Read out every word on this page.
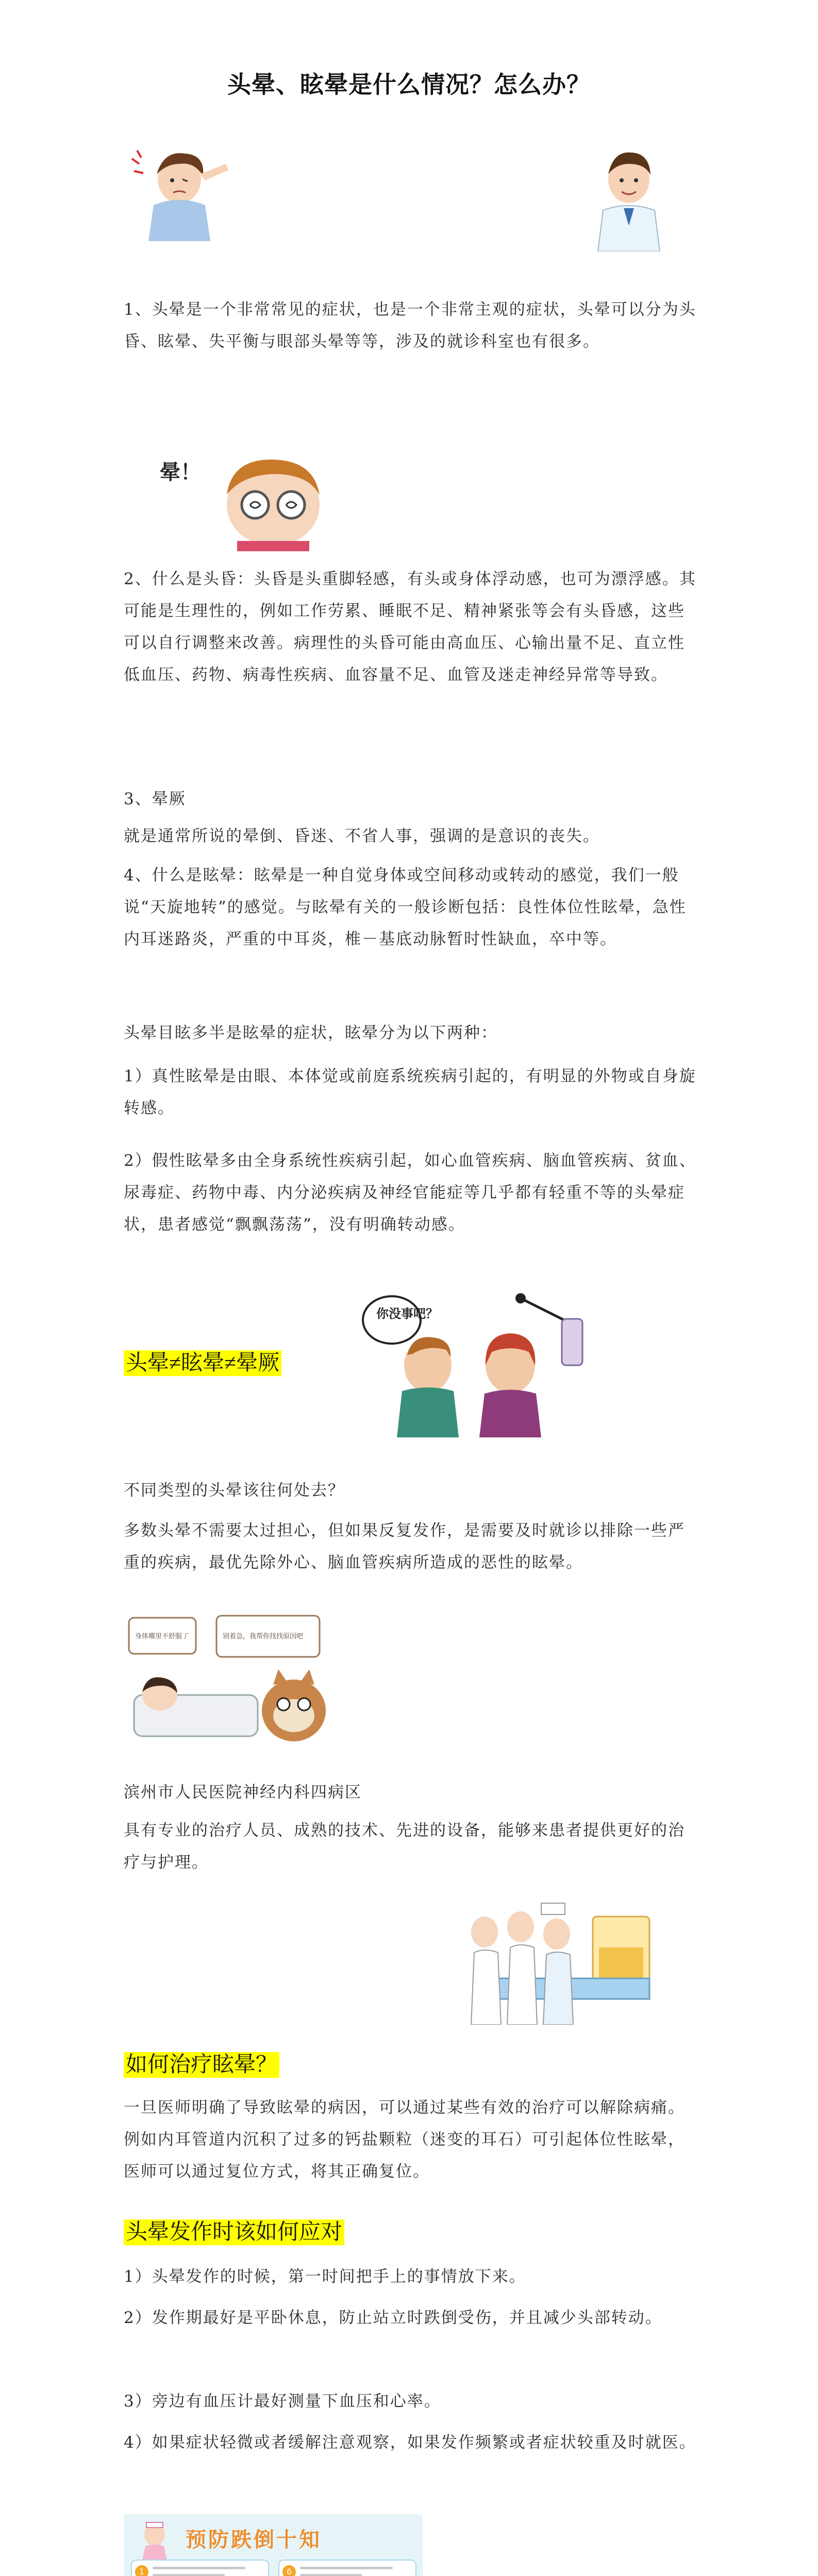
头晕、眩晕是什么情况？怎么办？

1、头晕是一个非常常见的症状，也是一个非常主观的症状，头晕可以分为头昏、眩晕、失平衡与眼部头晕等等，涉及的就诊科室也有很多。

晕！

2、什么是头昏：头昏是头重脚轻感，有头或身体浮动感，也可为漂浮感。其可能是生理性的，例如工作劳累、睡眠不足、精神紧张等会有头昏感，这些可以自行调整来改善。病理性的头昏可能由高血压、心输出量不足、直立性低血压、药物、病毒性疾病、血容量不足、血管及迷走神经异常等导致。

3、晕厥

就是通常所说的晕倒、昏迷、不省人事，强调的是意识的丧失。

4、什么是眩晕：眩晕是一种自觉身体或空间移动或转动的感觉，我们一般说“天旋地转”的感觉。与眩晕有关的一般诊断包括：良性体位性眩晕，急性内耳迷路炎，严重的中耳炎，椎－基底动脉暂时性缺血，卒中等。

头晕目眩多半是眩晕的症状，眩晕分为以下两种：

1）真性眩晕是由眼、本体觉或前庭系统疾病引起的，有明显的外物或自身旋转感。

2）假性眩晕多由全身系统性疾病引起，如心血管疾病、脑血管疾病、贫血、尿毒症、药物中毒、内分泌疾病及神经官能症等几乎都有轻重不等的头晕症状，患者感觉“飘飘荡荡”，没有明确转动感。

头晕≠眩晕≠晕厥
你没事吧？

不同类型的头晕该往何处去？

多数头晕不需要太过担心，但如果反复发作，是需要及时就诊以排除一些严重的疾病，最优先除外心、脑血管疾病所造成的恶性的眩晕。

身体哪里不舒服了	别着急，我帮你找找原因吧

滨州市人民医院神经内科四病区

具有专业的治疗人员、成熟的技术、先进的设备，能够来患者提供更好的治疗与护理。

如何治疗眩晕？

一旦医师明确了导致眩晕的病因，可以通过某些有效的治疗可以解除病痛。例如内耳管道内沉积了过多的钙盐颗粒（迷变的耳石）可引起体位性眩晕，医师可以通过复位方式，将其正确复位。

头晕发作时该如何应对

1）头晕发作的时候，第一时间把手上的事情放下来。

2）发作期最好是平卧休息，防止站立时跌倒受伤，并且减少头部转动。

3）旁边有血压计最好测量下血压和心率。

4）如果症状轻微或者缓解注意观察，如果发作频繁或者症状较重及时就医。

预防跌倒十知
1	6
